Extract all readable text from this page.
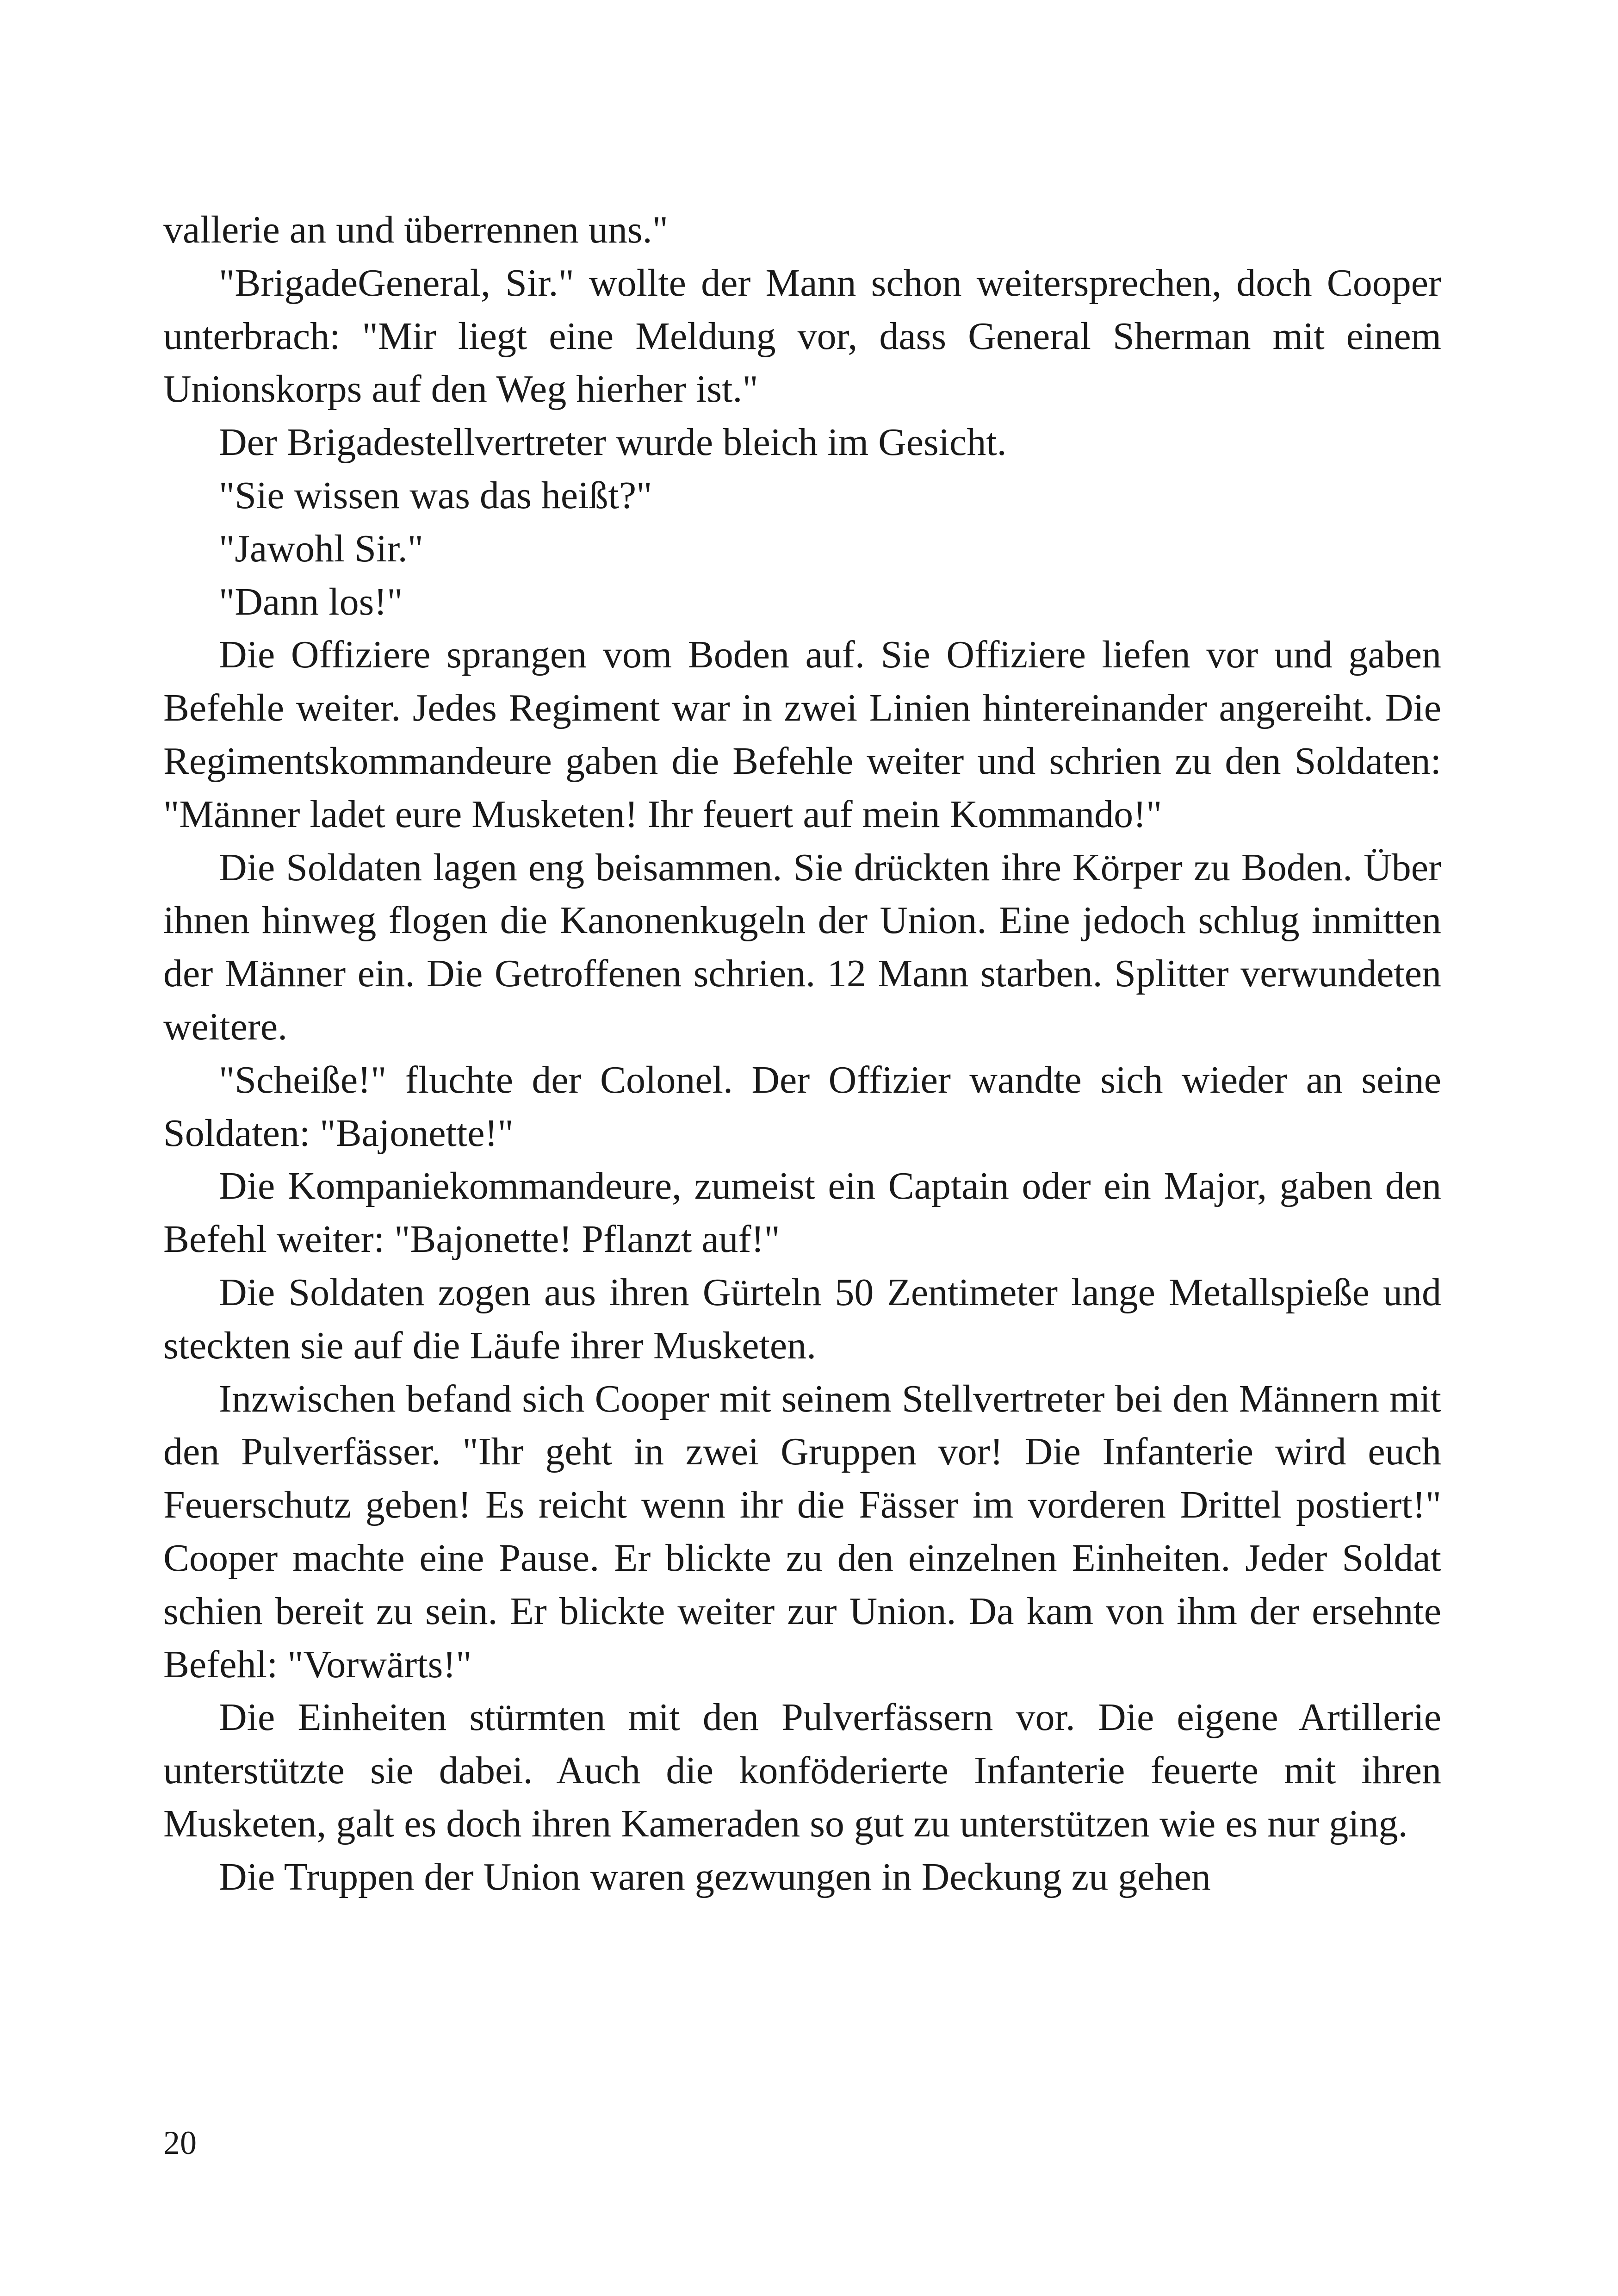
vallerie an und überrennen uns."

"BrigadeGeneral, Sir." wollte der Mann schon weitersprechen, doch Cooper unterbrach: "Mir liegt eine Meldung vor, dass General Sherman mit einem Unionskorps auf den Weg hierher ist."

Der Brigadestellvertreter wurde bleich im Gesicht.

"Sie wissen was das heißt?"

"Jawohl Sir."

"Dann los!"

Die Offiziere sprangen vom Boden auf. Sie Offiziere liefen vor und gaben Befehle weiter. Jedes Regiment war in zwei Linien hintereinander angereiht. Die Regimentskommandeure gaben die Befehle weiter und schrien zu den Soldaten: "Männer ladet eure Musketen! Ihr feuert auf mein Kommando!"

Die Soldaten lagen eng beisammen. Sie drückten ihre Körper zu Boden. Über ihnen hinweg flogen die Kanonenkugeln der Union. Eine jedoch schlug inmitten der Männer ein. Die Getroffenen schrien. 12 Mann starben. Splitter verwundeten weitere.

"Scheiße!" fluchte der Colonel. Der Offizier wandte sich wieder an seine Soldaten: "Bajonette!"

Die Kompaniekommandeure, zumeist ein Captain oder ein Major, gaben den Befehl weiter: "Bajonette! Pflanzt auf!"

Die Soldaten zogen aus ihren Gürteln 50 Zentimeter lange Metallspieße und steckten sie auf die Läufe ihrer Musketen.

Inzwischen befand sich Cooper mit seinem Stellvertreter bei den Männern mit den Pulverfässer. "Ihr geht in zwei Gruppen vor! Die Infanterie wird euch Feuerschutz geben! Es reicht wenn ihr die Fässer im vorderen Drittel postiert!" Cooper machte eine Pause. Er blickte zu den einzelnen Einheiten. Jeder Soldat schien bereit zu sein. Er blickte weiter zur Union. Da kam von ihm der ersehnte Befehl: "Vorwärts!"

Die Einheiten stürmten mit den Pulverfässern vor. Die eigene Artillerie unterstützte sie dabei. Auch die konföderierte Infanterie feuerte mit ihren Musketen, galt es doch ihren Kameraden so gut zu unterstützen wie es nur ging.

Die Truppen der Union waren gezwungen in Deckung zu gehen

20
